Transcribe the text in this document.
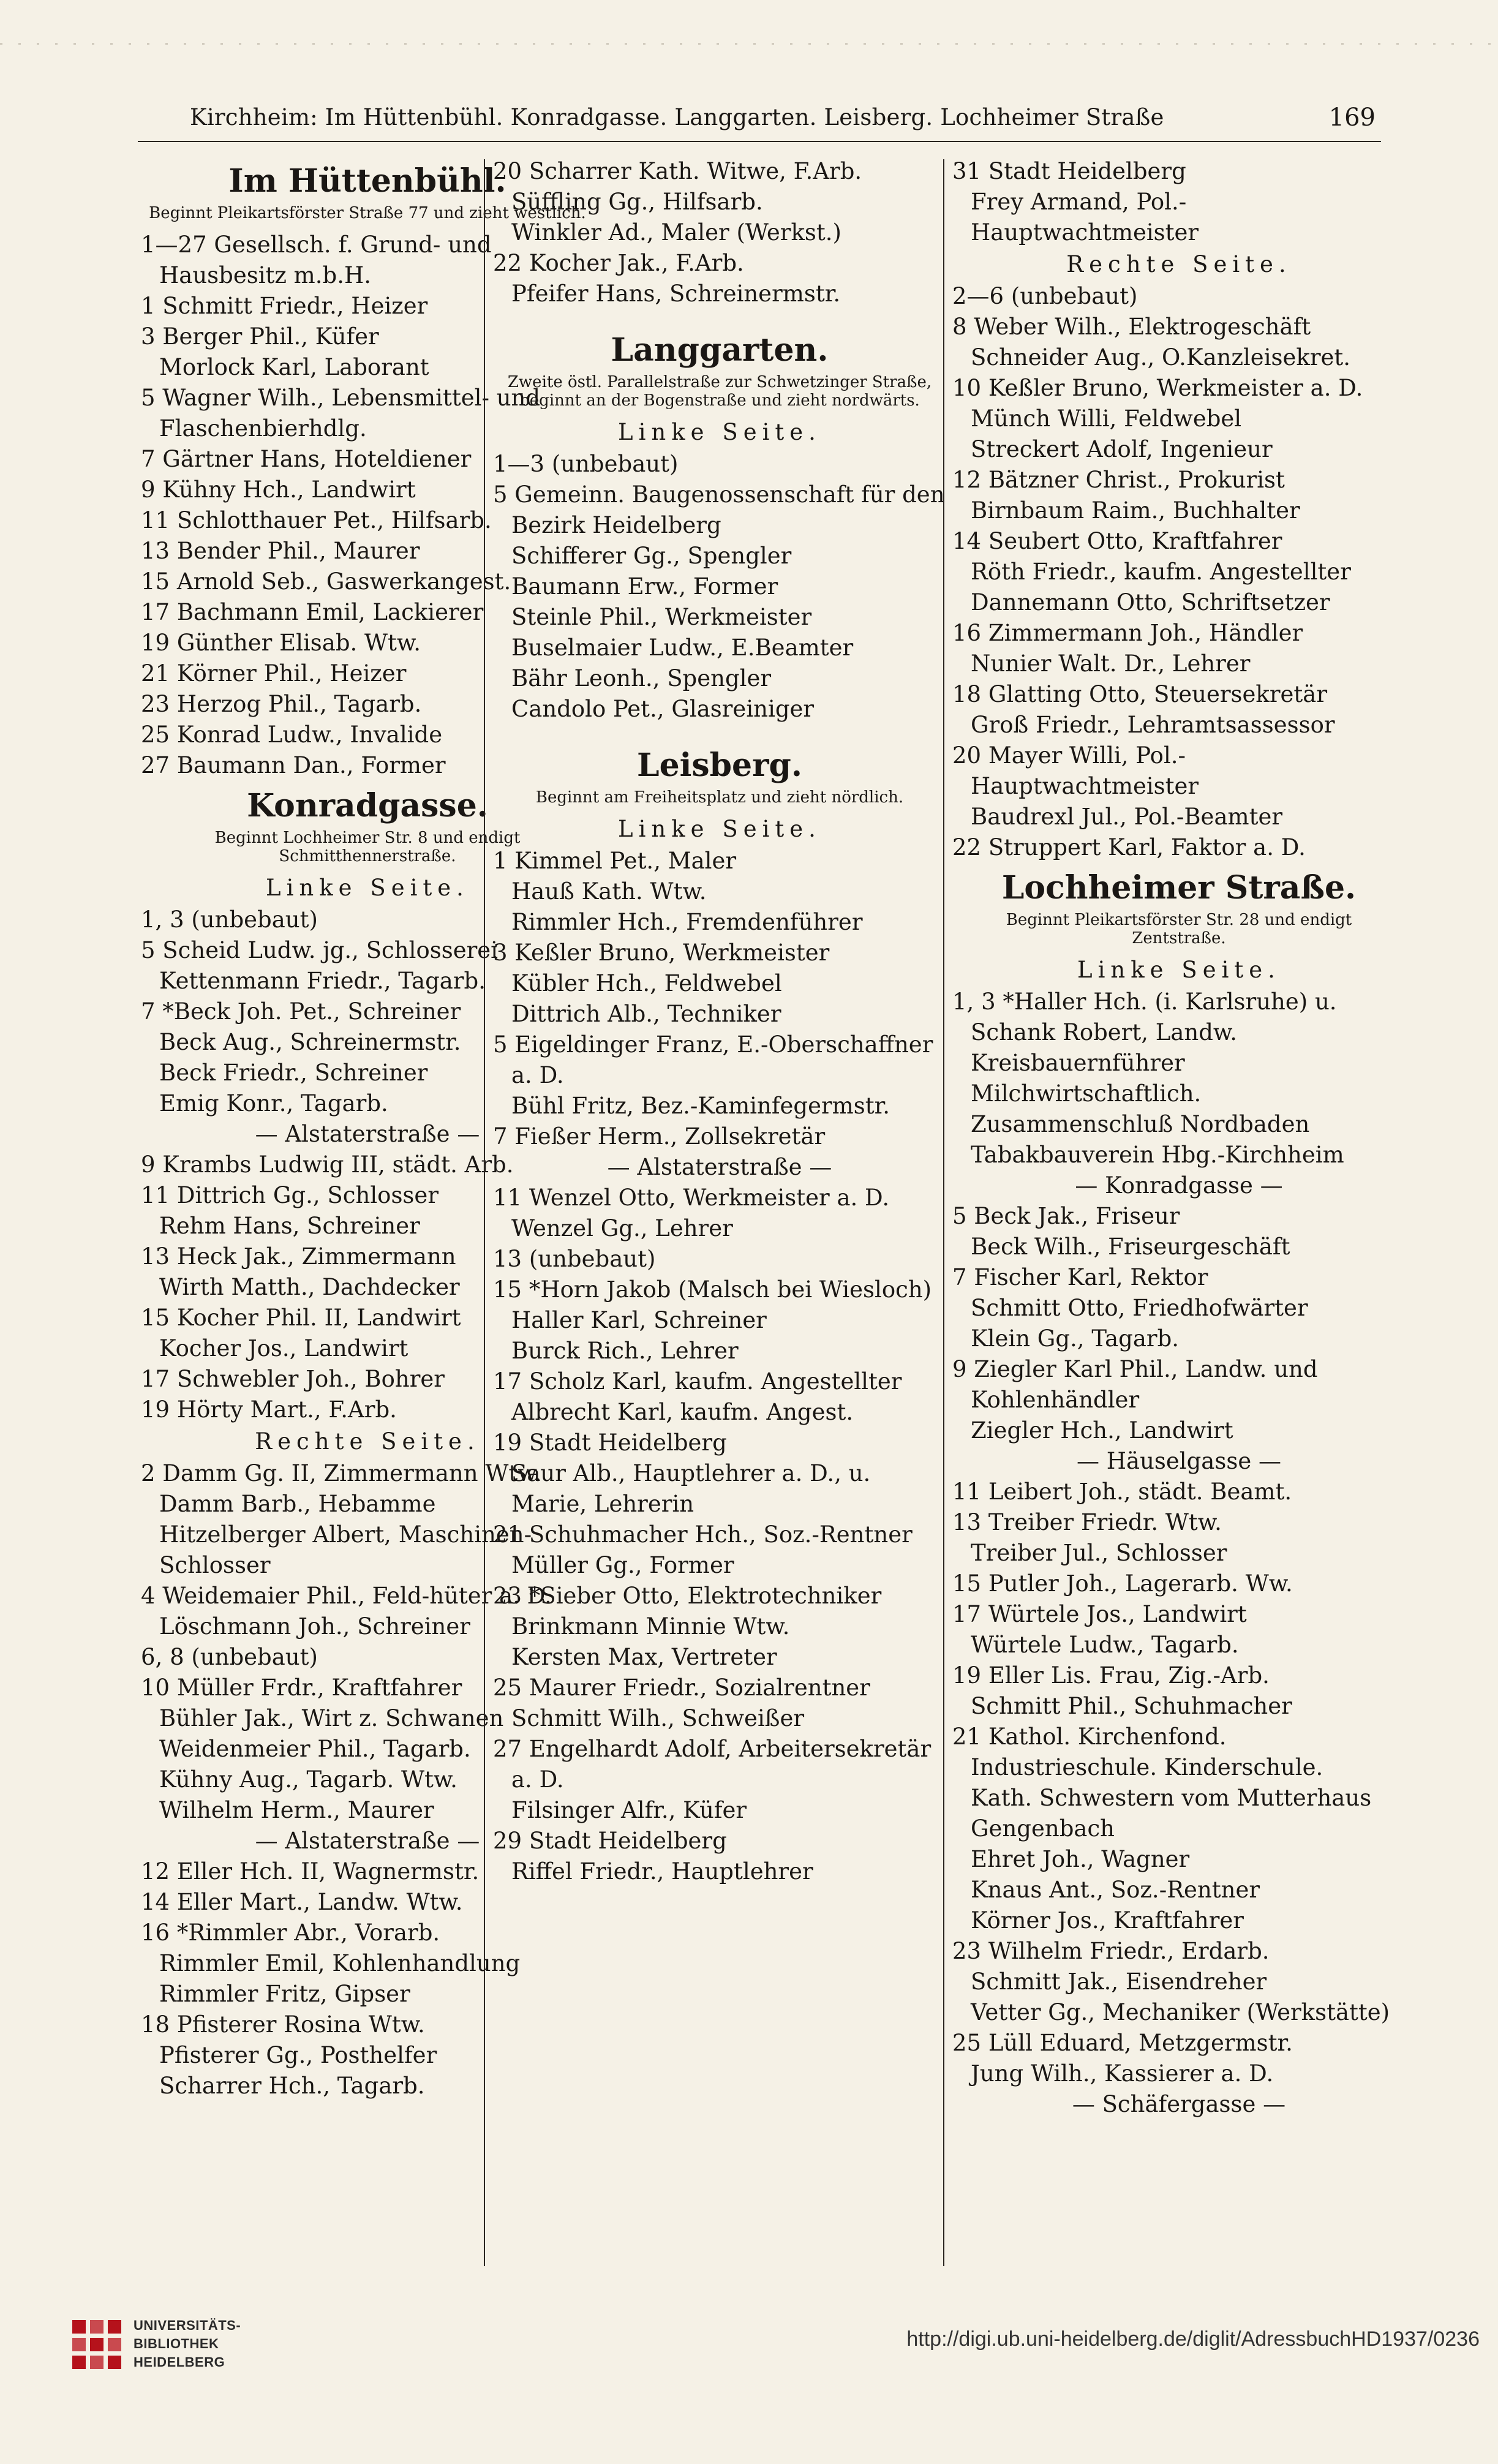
Kirchheim: Im Hüttenbühl. Konradgasse. Langgarten. Leisberg. Lochheimer Straße	169
Im Hüttenbühl.
Beginnt Pleikartsförster Straße 77 und zieht westlich.
1—27 Gesellsch. f. Grund- und Hausbesitz m.b.H.
1 Schmitt Friedr., Heizer
3 Berger Phil., Küfer
Morlock Karl, Laborant
5 Wagner Wilh., Lebensmittel- und Flaschenbierhdlg.
7 Gärtner Hans, Hoteldiener
9 Kühny Hch., Landwirt
11 Schlotthauer Pet., Hilfsarb.
13 Bender Phil., Maurer
15 Arnold Seb., Gaswerkangest.
17 Bachmann Emil, Lackierer
19 Günther Elisab. Wtw.
21 Körner Phil., Heizer
23 Herzog Phil., Tagarb.
25 Konrad Ludw., Invalide
27 Baumann Dan., Former
Konradgasse.
Beginnt Lochheimer Str. 8 und endigt Schmitthennerstraße.
Linke Seite.
1, 3 (unbebaut)
5 Scheid Ludw. jg., Schlosserei
Kettenmann Friedr., Tagarb.
7 *Beck Joh. Pet., Schreiner
Beck Aug., Schreinermstr.
Beck Friedr., Schreiner
Emig Konr., Tagarb.
— Alstaterstraße —
9 Krambs Ludwig III, städt. Arb.
11 Dittrich Gg., Schlosser
Rehm Hans, Schreiner
13 Heck Jak., Zimmermann
Wirth Matth., Dachdecker
15 Kocher Phil. II, Landwirt
Kocher Jos., Landwirt
17 Schwebler Joh., Bohrer
19 Hörty Mart., F.Arb.
Rechte Seite.
2 Damm Gg. II, Zimmermann Wtw.
Damm Barb., Hebamme
Hitzelberger Albert, Maschinen-Schlosser
4 Weidemaier Phil., Feld-hüter a. D.
Löschmann Joh., Schreiner
6, 8 (unbebaut)
10 Müller Frdr., Kraftfahrer
Bühler Jak., Wirt z. Schwanen
Weidenmeier Phil., Tagarb.
Kühny Aug., Tagarb. Wtw.
Wilhelm Herm., Maurer
— Alstaterstraße —
12 Eller Hch. II, Wagnermstr.
14 Eller Mart., Landw. Wtw.
16 *Rimmler Abr., Vorarb.
Rimmler Emil, Kohlenhandlung
Rimmler Fritz, Gipser
18 Pfisterer Rosina Wtw.
Pfisterer Gg., Posthelfer
Scharrer Hch., Tagarb.
20 Scharrer Kath. Witwe, F.Arb.
Süffling Gg., Hilfsarb.
Winkler Ad., Maler (Werkst.)
22 Kocher Jak., F.Arb.
Pfeifer Hans, Schreinermstr.
Langgarten.
Zweite östl. Parallelstraße zur Schwetzinger Straße, beginnt an der Bogenstraße und zieht nordwärts.
Linke Seite.
1—3 (unbebaut)
5 Gemeinn. Baugenossenschaft für den Bezirk Heidelberg
Schifferer Gg., Spengler
Baumann Erw., Former
Steinle Phil., Werkmeister
Buselmaier Ludw., E.Beamter
Bähr Leonh., Spengler
Candolo Pet., Glasreiniger
Leisberg.
Beginnt am Freiheitsplatz und zieht nördlich.
Linke Seite.
1 Kimmel Pet., Maler
Hauß Kath. Wtw.
Rimmler Hch., Fremdenführer
3 Keßler Bruno, Werkmeister
Kübler Hch., Feldwebel
Dittrich Alb., Techniker
5 Eigeldinger Franz, E.-Oberschaffner a. D.
Bühl Fritz, Bez.-Kaminfegermstr.
7 Fießer Herm., Zollsekretär
— Alstaterstraße —
11 Wenzel Otto, Werkmeister a. D.
Wenzel Gg., Lehrer
13 (unbebaut)
15 *Horn Jakob (Malsch bei Wiesloch)
Haller Karl, Schreiner
Burck Rich., Lehrer
17 Scholz Karl, kaufm. Angestellter
Albrecht Karl, kaufm. Angest.
19 Stadt Heidelberg
Saur Alb., Hauptlehrer a. D., u. Marie, Lehrerin
21 Schuhmacher Hch., Soz.-Rentner
Müller Gg., Former
23 *Sieber Otto, Elektrotechniker
Brinkmann Minnie Wtw.
Kersten Max, Vertreter
25 Maurer Friedr., Sozialrentner
Schmitt Wilh., Schweißer
27 Engelhardt Adolf, Arbeitersekretär a. D.
Filsinger Alfr., Küfer
29 Stadt Heidelberg
Riffel Friedr., Hauptlehrer
31 Stadt Heidelberg
Frey Armand, Pol.-Hauptwachtmeister
Rechte Seite.
2—6 (unbebaut)
8 Weber Wilh., Elektrogeschäft
Schneider Aug., O.Kanzleisekret.
10 Keßler Bruno, Werkmeister a. D.
Münch Willi, Feldwebel
Streckert Adolf, Ingenieur
12 Bätzner Christ., Prokurist
Birnbaum Raim., Buchhalter
14 Seubert Otto, Kraftfahrer
Röth Friedr., kaufm. Angestellter
Dannemann Otto, Schriftsetzer
16 Zimmermann Joh., Händler
Nunier Walt. Dr., Lehrer
18 Glatting Otto, Steuersekretär
Groß Friedr., Lehramtsassessor
20 Mayer Willi, Pol.-Hauptwachtmeister
Baudrexl Jul., Pol.-Beamter
22 Struppert Karl, Faktor a. D.
Lochheimer Straße.
Beginnt Pleikartsförster Str. 28 und endigt Zentstraße.
Linke Seite.
1, 3 *Haller Hch. (i. Karlsruhe) u. Schank Robert, Landw.
Kreisbauernführer
Milchwirtschaftlich. Zusammenschluß Nordbaden
Tabakbauverein Hbg.-Kirchheim
— Konradgasse —
5 Beck Jak., Friseur
Beck Wilh., Friseurgeschäft
7 Fischer Karl, Rektor
Schmitt Otto, Friedhofwärter
Klein Gg., Tagarb.
9 Ziegler Karl Phil., Landw. und Kohlenhändler
Ziegler Hch., Landwirt
— Häuselgasse —
11 Leibert Joh., städt. Beamt.
13 Treiber Friedr. Wtw.
Treiber Jul., Schlosser
15 Putler Joh., Lagerarb. Ww.
17 Würtele Jos., Landwirt
Würtele Ludw., Tagarb.
19 Eller Lis. Frau, Zig.-Arb.
Schmitt Phil., Schuhmacher
21 Kathol. Kirchenfond. Industrieschule. Kinderschule.
Kath. Schwestern vom Mutterhaus Gengenbach
Ehret Joh., Wagner
Knaus Ant., Soz.-Rentner
Körner Jos., Kraftfahrer
23 Wilhelm Friedr., Erdarb.
Schmitt Jak., Eisendreher
Vetter Gg., Mechaniker (Werkstätte)
25 Lüll Eduard, Metzgermstr.
Jung Wilh., Kassierer a. D.
— Schäfergasse —
UNIVERSITÄTS-
BIBLIOTHEK
HEIDELBERG
http://digi.ub.uni-heidelberg.de/diglit/AdressbuchHD1937/0236
